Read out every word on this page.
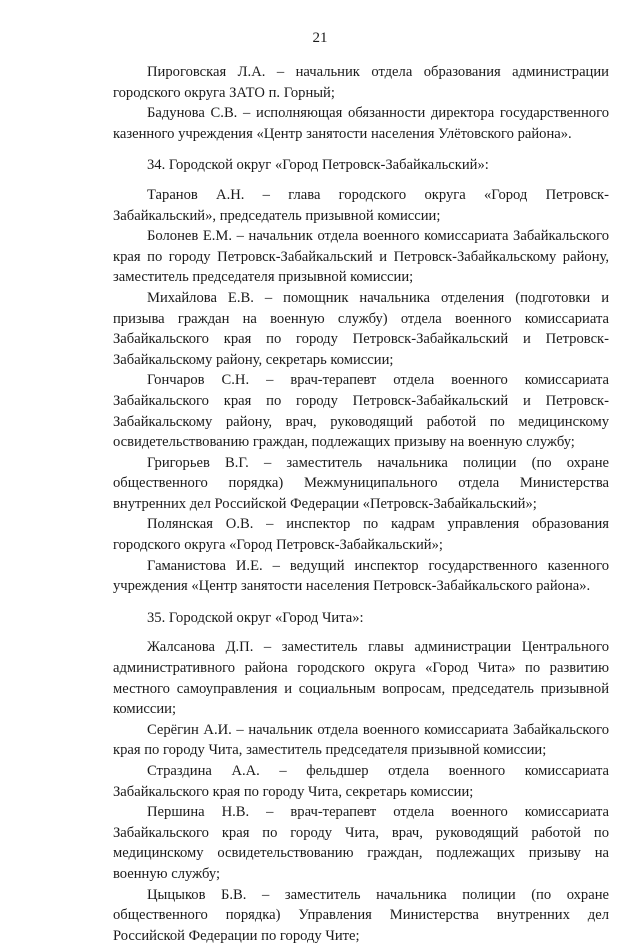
21

Пироговская Л.А. – начальник отдела образования администрации городского округа ЗАТО п. Горный;

Бадунова С.В. – исполняющая обязанности директора государственного казенного учреждения «Центр занятости населения Улётовского района».

34. Городской округ «Город Петровск-Забайкальский»:

Таранов А.Н. – глава городского округа «Город Петровск-Забайкальский», председатель призывной комиссии;

Болонев Е.М. – начальник отдела военного комиссариата Забайкальского края по городу Петровск-Забайкальский и Петровск-Забайкальскому району, заместитель председателя призывной комиссии;

Михайлова Е.В. – помощник начальника отделения (подготовки и призыва граждан на военную службу) отдела военного комиссариата Забайкальского края по городу Петровск-Забайкальский и Петровск-Забайкальскому району, секретарь комиссии;

Гончаров С.Н. – врач-терапевт отдела военного комиссариата Забайкальского края по городу Петровск-Забайкальский и Петровск-Забайкальскому району, врач, руководящий работой по медицинскому освидетельствованию граждан, подлежащих призыву на военную службу;

Григорьев В.Г. – заместитель начальника полиции (по охране общественного порядка) Межмуниципального отдела Министерства внутренних дел Российской Федерации «Петровск-Забайкальский»;

Полянская О.В. – инспектор по кадрам управления образования городского округа «Город Петровск-Забайкальский»;

Гаманистова И.Е. – ведущий инспектор государственного казенного учреждения «Центр занятости населения Петровск-Забайкальского района».

35. Городской округ «Город Чита»:

Жалсанова Д.П. – заместитель главы администрации Центрального административного района городского округа «Город Чита» по развитию местного самоуправления и социальным вопросам, председатель призывной комиссии;

Серёгин А.И. – начальник отдела военного комиссариата Забайкальского края по городу Чита, заместитель председателя призывной комиссии;

Страздина А.А. – фельдшер отдела военного комиссариата Забайкальского края по городу Чита, секретарь комиссии;

Першина Н.В. – врач-терапевт отдела военного комиссариата Забайкальского края по городу Чита, врач, руководящий работой по медицинскому освидетельствованию граждан, подлежащих призыву на военную службу;

Цыцыков Б.В. – заместитель начальника полиции (по охране общественного порядка) Управления Министерства внутренних дел Российской Федерации по городу Чите;
